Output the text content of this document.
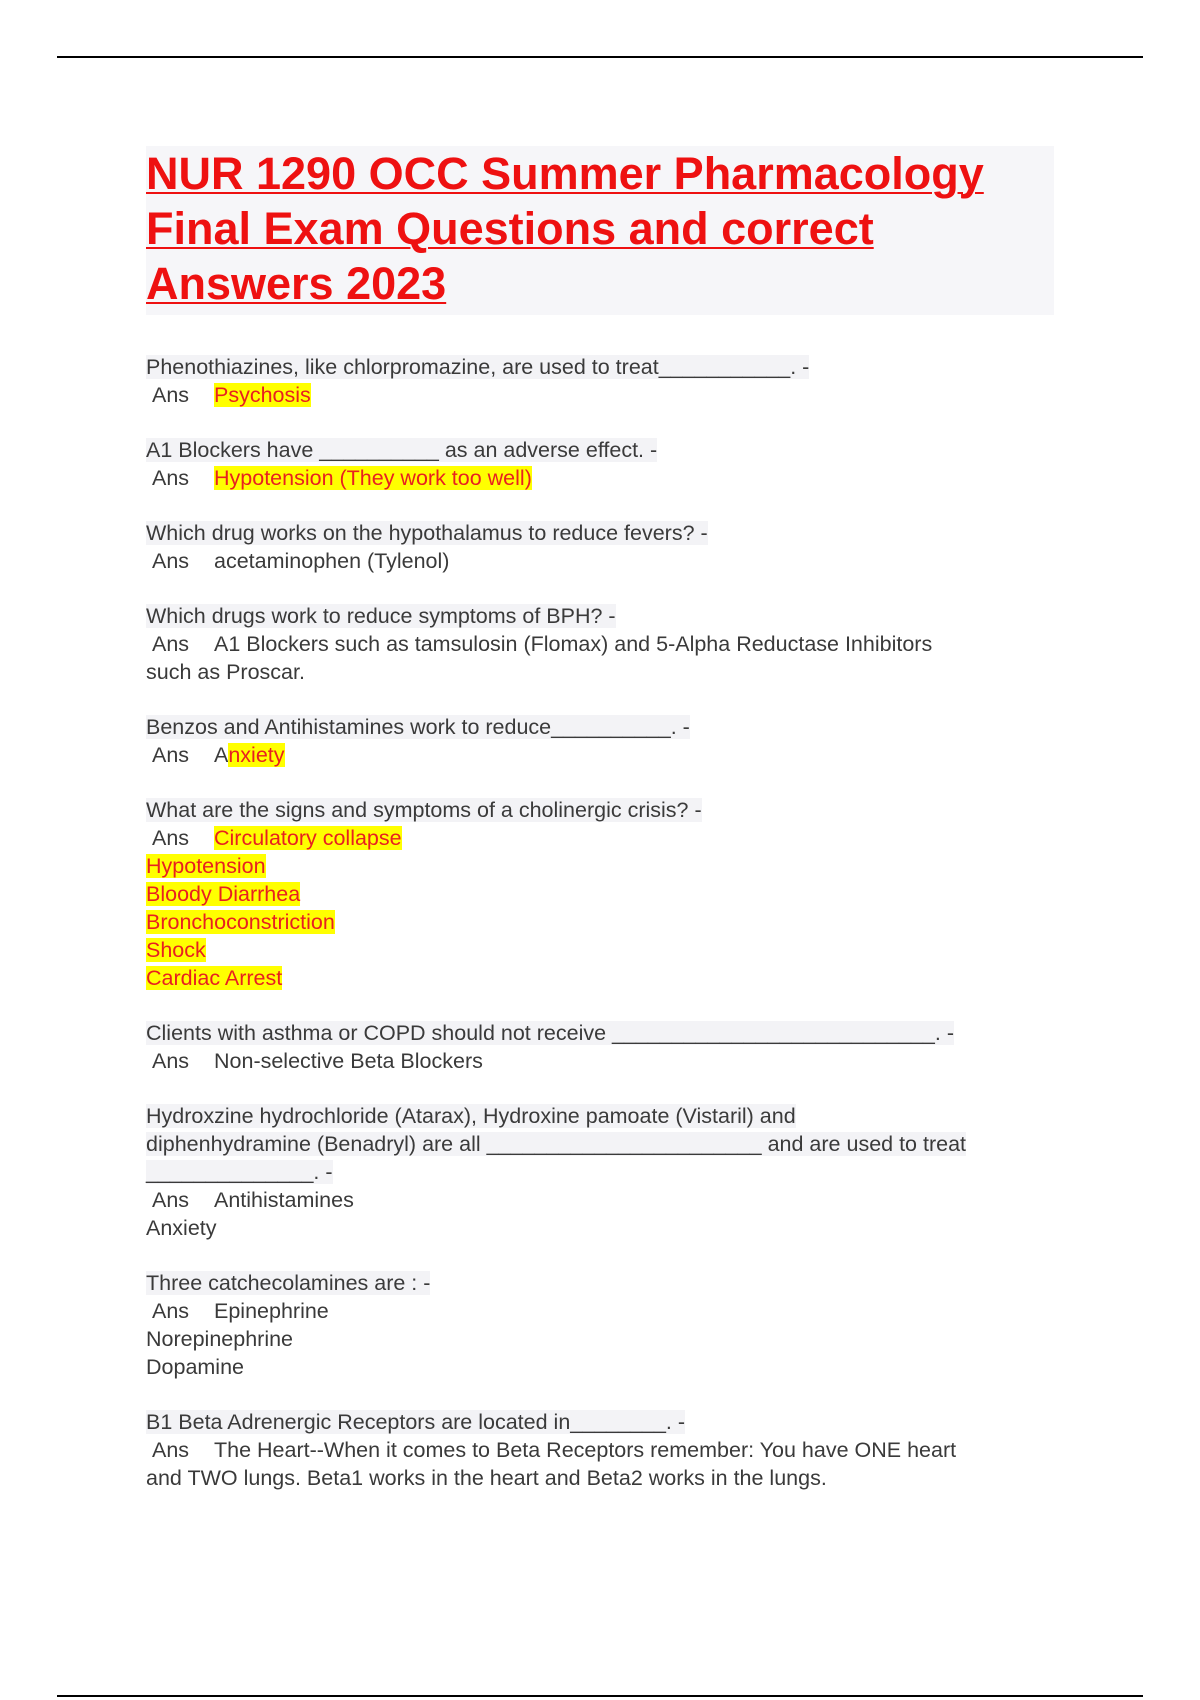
NUR 1290 OCC Summer Pharmacology Final Exam Questions and correct Answers 2023
Phenothiazines, like chlorpromazine, are used to treat___________. -
Ans Psychosis
A1 Blockers have __________ as an adverse effect. -
Ans Hypotension (They work too well)
Which drug works on the hypothalamus to reduce fevers? -
Ans acetaminophen (Tylenol)
Which drugs work to reduce symptoms of BPH? -
Ans A1 Blockers such as tamsulosin (Flomax) and 5-Alpha Reductase Inhibitors
such as Proscar.
Benzos and Antihistamines work to reduce__________. -
Ans Anxiety
What are the signs and symptoms of a cholinergic crisis? -
Ans Circulatory collapse
Hypotension
Bloody Diarrhea
Bronchoconstriction
Shock
Cardiac Arrest
Clients with asthma or COPD should not receive ___________________________. -
Ans Non-selective Beta Blockers
Hydroxzine hydrochloride (Atarax), Hydroxine pamoate (Vistaril) and
diphenhydramine (Benadryl) are all _______________________ and are used to treat
______________. -
Ans Antihistamines
Anxiety
Three catchecolamines are : -
Ans Epinephrine
Norepinephrine
Dopamine
B1 Beta Adrenergic Receptors are located in________. -
Ans The Heart--When it comes to Beta Receptors remember: You have ONE heart
and TWO lungs. Beta1 works in the heart and Beta2 works in the lungs.
